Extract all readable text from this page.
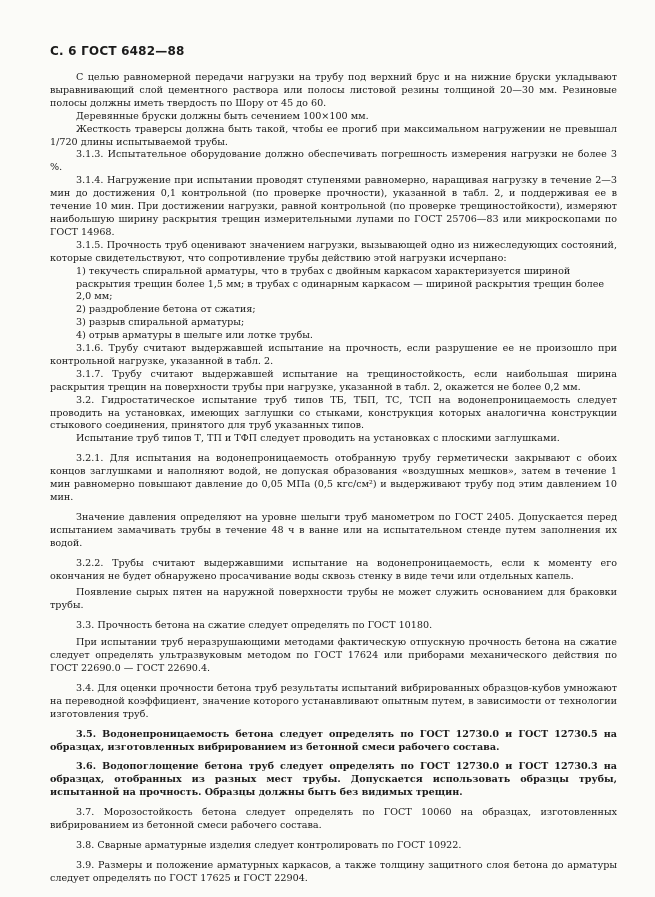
С. 6 ГОСТ 6482—88

С целью равномерной передачи нагрузки на трубу под верхний брус и на нижние бруски укладывают выравнивающий слой цементного раствора или полосы листовой резины толщиной 20—30 мм. Резиновые полосы должны иметь твердость по Шору от 45 до 60.

Деревянные бруски должны быть сечением 100×100 мм.

Жесткость траверсы должна быть такой, чтобы ее прогиб при максимальном нагружении не превышал 1/720 длины испытываемой трубы.

3.1.3. Испытательное оборудование должно обеспечивать погрешность измерения нагрузки не более 3 %.

3.1.4. Нагружение при испытании проводят ступенями равномерно, наращивая нагрузку в течение 2—3 мин до достижения 0,1 контрольной (по проверке прочности), указанной в табл. 2, и поддерживая ее в течение 10 мин. При достижении нагрузки, равной контрольной (по проверке трещиностойкости), измеряют наибольшую ширину раскрытия трещин измерительными лупами по ГОСТ 25706—83 или микроскопами по ГОСТ 14968.

3.1.5. Прочность труб оценивают значением нагрузки, вызывающей одно из нижеследующих состояний, которые свидетельствуют, что сопротивление трубы действию этой нагрузки исчерпано:

1) текучесть спиральной арматуры, что в трубах с двойным каркасом характеризуется шириной раскрытия трещин более 1,5 мм; в трубах с одинарным каркасом — шириной раскрытия трещин более 2,0 мм;

2) раздробление бетона от сжатия;

3) разрыв спиральной арматуры;

4) отрыв арматуры в шелыге или лотке трубы.

3.1.6. Трубу считают выдержавшей испытание на прочность, если разрушение ее не произошло при контрольной нагрузке, указанной в табл. 2.

3.1.7. Трубу считают выдержавшей испытание на трещиностойкость, если наибольшая ширина раскрытия трещин на поверхности трубы при нагрузке, указанной в табл. 2, окажется не более 0,2 мм.

3.2. Гидростатическое испытание труб типов ТБ, ТБП, ТС, ТСП на водонепроницаемость следует проводить на установках, имеющих заглушки со стыками, конструкция которых аналогична конструкции стыкового соединения, принятого для труб указанных типов.

Испытание труб типов Т, ТП и ТФП следует проводить на установках с плоскими заглушками.

3.2.1. Для испытания на водонепроницаемость отобранную трубу герметически закрывают с обоих концов заглушками и наполняют водой, не допуская образования «воздушных мешков», затем в течение 1 мин равномерно повышают давление до 0,05 МПа (0,5 кгс/см²) и выдерживают трубу под этим давлением 10 мин.

Значение давления определяют на уровне шелыги труб манометром по ГОСТ 2405. Допускается перед испытанием замачивать трубы в течение 48 ч в ванне или на испытательном стенде путем заполнения их водой.

3.2.2. Трубы считают выдержавшими испытание на водонепроницаемость, если к моменту его окончания не будет обнаружено просачивание воды сквозь стенку в виде течи или отдельных капель.

Появление сырых пятен на наружной поверхности трубы не может служить основанием для браковки трубы.

3.3. Прочность бетона на сжатие следует определять по ГОСТ 10180.

При испытании труб неразрушающими методами фактическую отпускную прочность бетона на сжатие следует определять ультразвуковым методом по ГОСТ 17624 или приборами механического действия по ГОСТ 22690.0 — ГОСТ 22690.4.

3.4. Для оценки прочности бетона труб результаты испытаний вибрированных образцов-кубов умножают на переводной коэффициент, значение которого устанавливают опытным путем, в зависимости от технологии изготовления труб.

3.5. Водонепроницаемость бетона следует определять по ГОСТ 12730.0 и ГОСТ 12730.5 на образцах, изготовленных вибрированием из бетонной смеси рабочего состава.

3.6. Водопоглощение бетона труб следует определять по ГОСТ 12730.0 и ГОСТ 12730.3 на образцах, отобранных из разных мест трубы. Допускается использовать образцы трубы, испытанной на прочность. Образцы должны быть без видимых трещин.

3.7. Морозостойкость бетона следует определять по ГОСТ 10060 на образцах, изготовленных вибрированием из бетонной смеси рабочего состава.

3.8. Сварные арматурные изделия следует контролировать по ГОСТ 10922.

3.9. Размеры и положение арматурных каркасов, а также толщину защитного слоя бетона до арматуры следует определять по ГОСТ 17625 и ГОСТ 22904.
